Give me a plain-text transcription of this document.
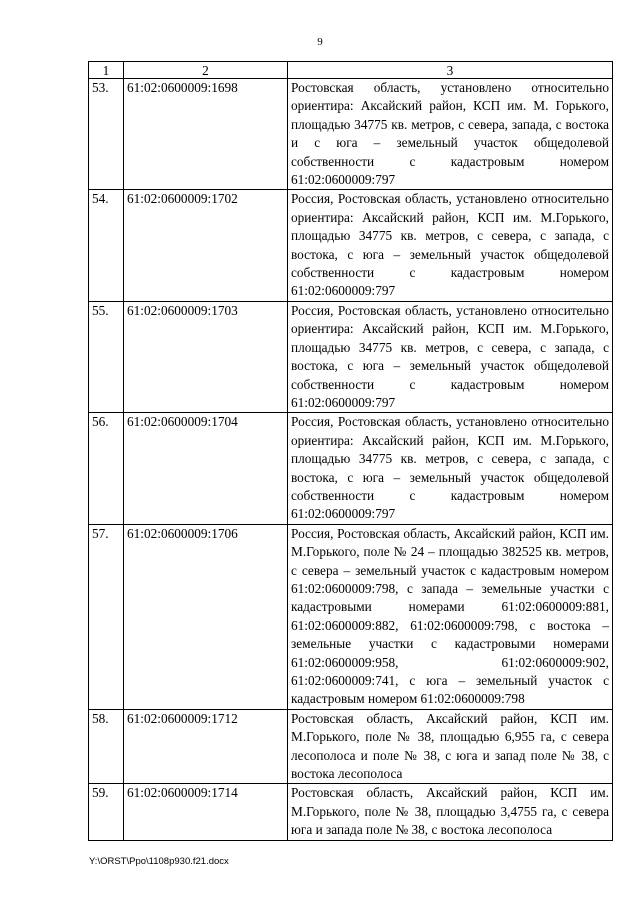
9
1	2	3
53.	61:02:0600009:1698	Ростовская область, установлено относительно ориентира: Аксайский район, КСП им. М. Горького, площадью 34775 кв. метров, с севера, запада, с востока и с юга – земельный участок общедолевой собственности с кадастровым номером 61:02:0600009:797
54.	61:02:0600009:1702	Россия, Ростовская область, установлено относительно ориентира: Аксайский район, КСП им. М.Горького, площадью 34775 кв. метров, с севера, с запада, с востока, с юга – земельный участок общедолевой собственности с кадастровым номером 61:02:0600009:797
55.	61:02:0600009:1703	Россия, Ростовская область, установлено относительно ориентира: Аксайский район, КСП им. М.Горького, площадью 34775 кв. метров, с севера, с запада, с востока, с юга – земельный участок общедолевой собственности с кадастровым номером 61:02:0600009:797
56.	61:02:0600009:1704	Россия, Ростовская область, установлено относительно ориентира: Аксайский район, КСП им. М.Горького, площадью 34775 кв. метров, с севера, с запада, с востока, с юга – земельный участок общедолевой собственности с кадастровым номером 61:02:0600009:797
57.	61:02:0600009:1706	Россия, Ростовская область, Аксайский район, КСП им. М.Горького, поле № 24 – площадью 382525 кв. метров, с севера – земельный участок с кадастровым номером 61:02:0600009:798, с запада – земельные участки с кадастровыми номерами 61:02:0600009:881, 61:02:0600009:882, 61:02:0600009:798, с востока – земельные участки с кадастровыми номерами 61:02:0600009:958, 61:02:0600009:902, 61:02:0600009:741, с юга – земельный участок с кадастровым номером 61:02:0600009:798
58.	61:02:0600009:1712	Ростовская область, Аксайский район, КСП им. М.Горького, поле № 38, площадью 6,955 га, с севера лесополоса и поле № 38, с юга и запад поле № 38, с востока лесополоса
59.	61:02:0600009:1714	Ростовская область, Аксайский район, КСП им. М.Горького, поле № 38, площадью 3,4755 га, с севера юга и запада поле № 38, с востока лесополоса
Y:\ORST\Ppo\1108p930.f21.docx
